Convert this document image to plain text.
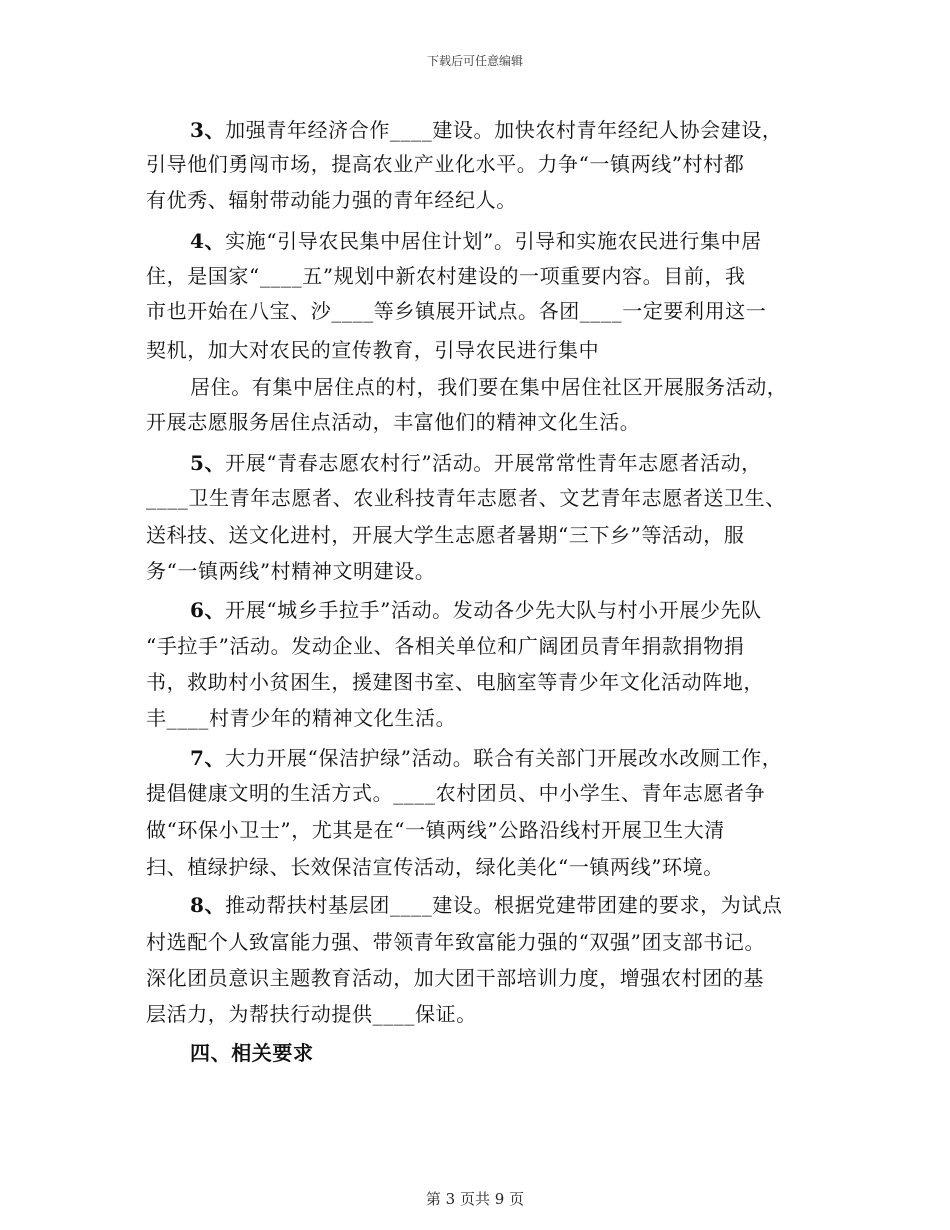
下载后可任意编辑
3、加强青年经济合作____建设。加快农村青年经纪人协会建设，
引导他们勇闯市场，提高农业产业化水平。力争“一镇两线”村村都
有优秀、辐射带动能力强的青年经纪人。
4、实施“引导农民集中居住计划”。引导和实施农民进行集中居
住，是国家“____五”规划中新农村建设的一项重要内容。目前，我
市也开始在八宝、沙____等乡镇展开试点。各团____一定要利用这一
契机，加大对农民的宣传教育，引导农民进行集中
居住。有集中居住点的村，我们要在集中居住社区开展服务活动，
开展志愿服务居住点活动，丰富他们的精神文化生活。
5、开展“青春志愿农村行”活动。开展常常性青年志愿者活动，
____卫生青年志愿者、农业科技青年志愿者、文艺青年志愿者送卫生、
送科技、送文化进村，开展大学生志愿者暑期“三下乡”等活动，服
务“一镇两线”村精神文明建设。
6、开展“城乡手拉手”活动。发动各少先大队与村小开展少先队
“手拉手”活动。发动企业、各相关单位和广阔团员青年捐款捐物捐
书，救助村小贫困生，援建图书室、电脑室等青少年文化活动阵地，
丰____村青少年的精神文化生活。
7、大力开展“保洁护绿”活动。联合有关部门开展改水改厕工作，
提倡健康文明的生活方式。____农村团员、中小学生、青年志愿者争
做“环保小卫士”，尤其是在“一镇两线”公路沿线村开展卫生大清
扫、植绿护绿、长效保洁宣传活动，绿化美化“一镇两线”环境。
8、推动帮扶村基层团____建设。根据党建带团建的要求，为试点
村选配个人致富能力强、带领青年致富能力强的“双强”团支部书记。
深化团员意识主题教育活动，加大团干部培训力度，增强农村团的基
层活力，为帮扶行动提供____保证。
四、相关要求
第 3 页共 9 页
